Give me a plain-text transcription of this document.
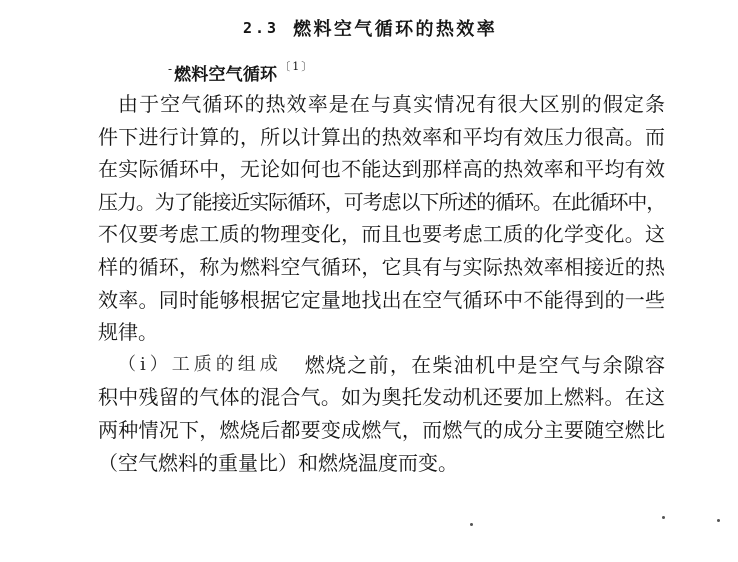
2.3 燃料空气循环的热效率
- 燃料空气循环 〔1〕
由于空气循环的热效率是在与真实情况有很大区别的假定条
件下进行计算的，所以计算出的热效率和平均有效压力很高。而
在实际循环中，无论如何也不能达到那样高的热效率和平均有效
压力。为了能接近实际循环，可考虑以下所述的循环。在此循环中，
不仅要考虑工质的物理变化，而且也要考虑工质的化学变化。这
样的循环，称为燃料空气循环，它具有与实际热效率相接近的热
效率。同时能够根据它定量地找出在空气循环中不能得到的一些
规律。
（i）工质的组成 燃烧之前，在柴油机中是空气与余隙容
积中残留的气体的混合气。如为奥托发动机还要加上燃料。在这
两种情况下，燃烧后都要变成燃气，而燃气的成分主要随空燃比
（空气燃料的重量比）和燃烧温度而变。
